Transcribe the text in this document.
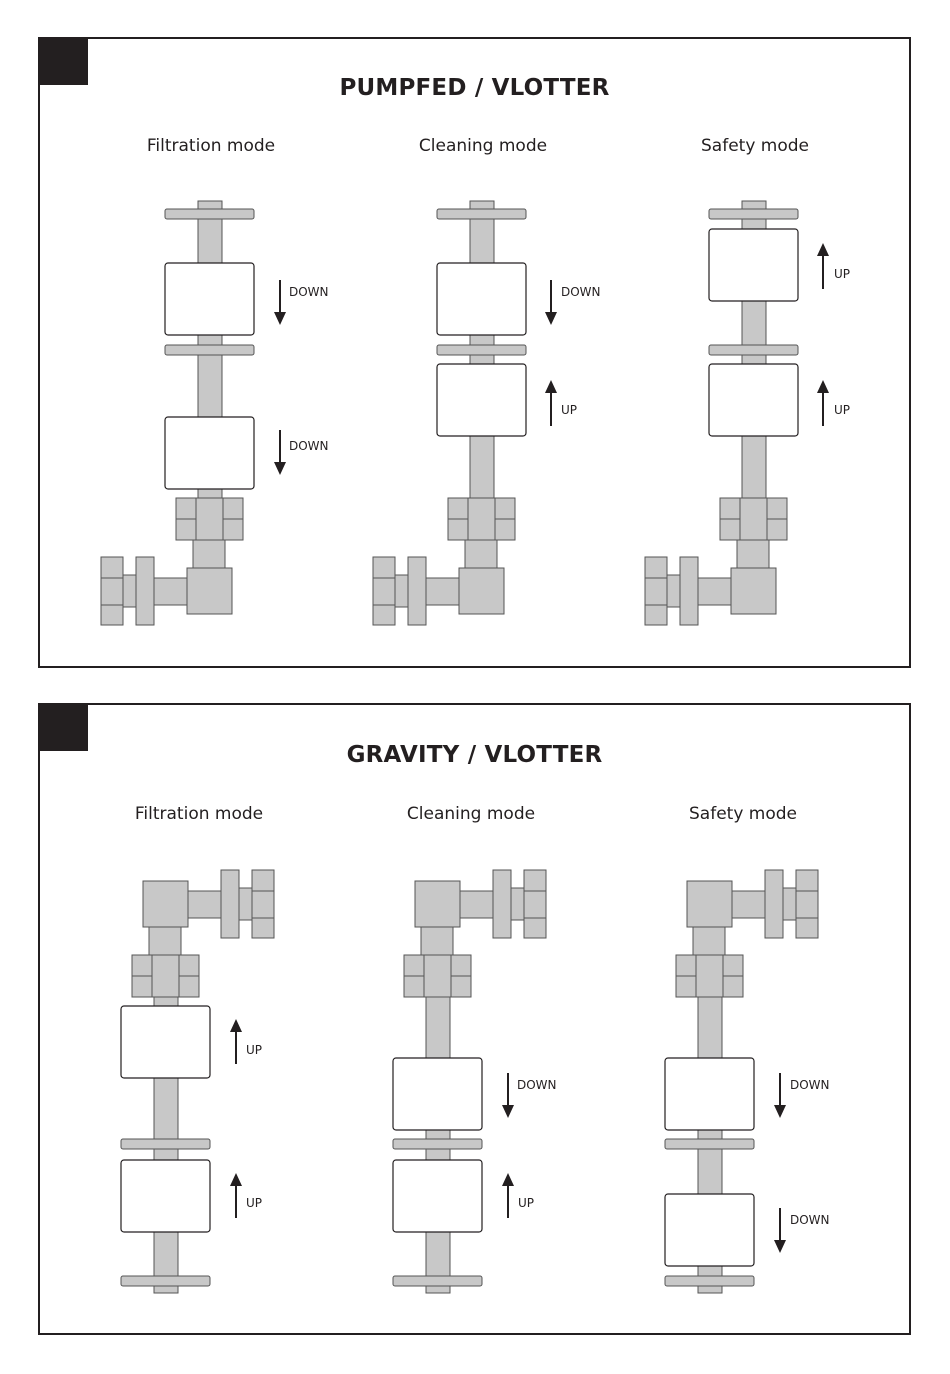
PUMPFED / VLOTTER
Filtration mode	Cleaning mode	Safety mode
GRAVITY / VLOTTER
Filtration mode	Cleaning mode	Safety mode
DOWN
DOWN
DOWN
UP
UP
UP
UP
UP
DOWN
UP
DOWN
DOWN
